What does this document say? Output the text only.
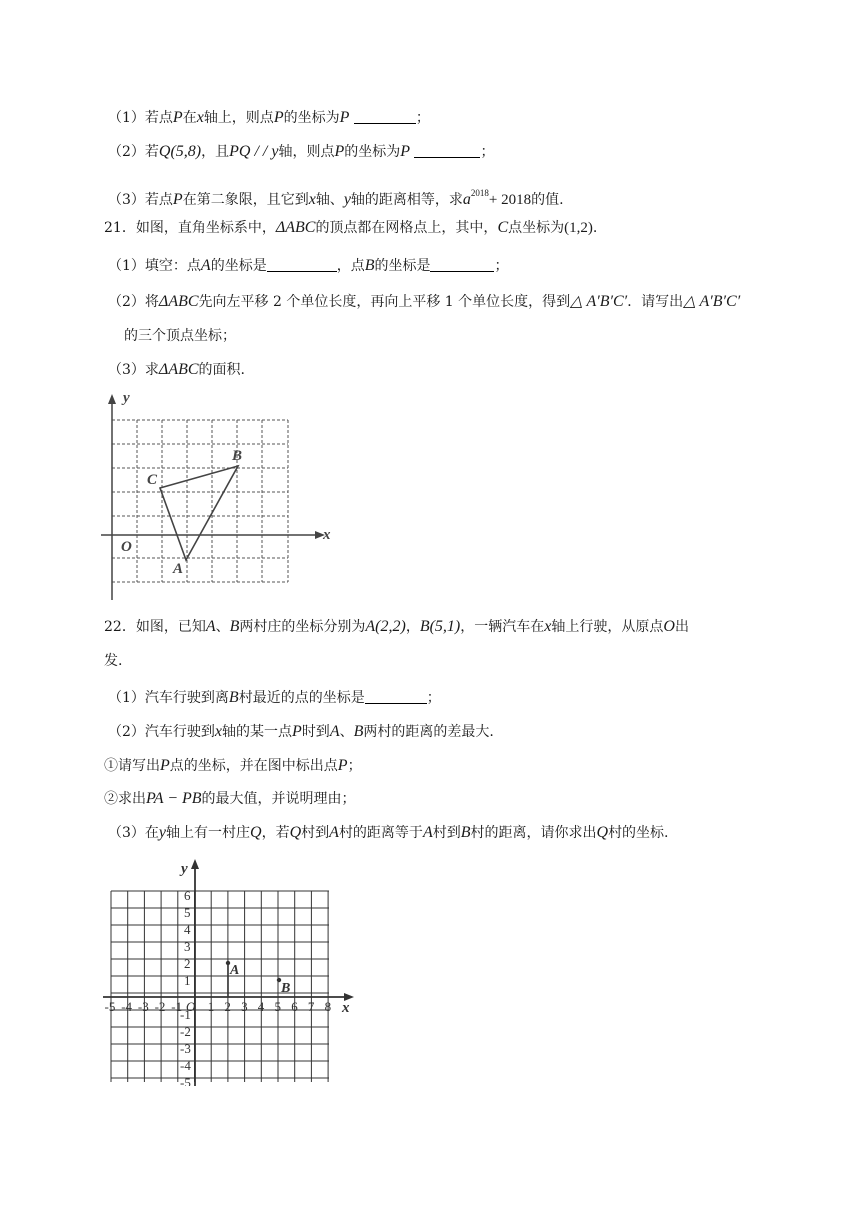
（1）若点P在x轴上，则点P的坐标为P	；
（2）若Q(5,8)，且PQ / / y轴，则点P的坐标为P	；
（3）若点P在第二象限，且它到x轴、y轴的距离相等，求$a^{2018}+ 2018$的值.
21．如图，直角坐标系中，ΔABC的顶点都在网格点上，其中，C点坐标为(1,2).
（1）填空：点A的坐标是	，点B的坐标是	；
（2）将ΔABC先向左平移 2 个单位长度，再向上平移 1 个单位长度，得到△ A′B′C′．请写出△ A′B′C′
的三个顶点坐标；
（3）求ΔABC的面积.
x
y
O
A
B
C
22．如图，已知A、B两村庄的坐标分别为A(2,2)，B(5,1)，一辆汽车在x轴上行驶，从原点O出
发.
（1）汽车行驶到离B村最近的点的坐标是	；
（2）汽车行驶到x轴的某一点P时到A、B两村的距离的差最大.
①请写出P点的坐标，并在图中标出点P；
②求出PA − PB的最大值，并说明理由；
（3）在y轴上有一村庄Q，若Q村到A村的距离等于A村到B村的距离，请你求出Q村的坐标.
-5 -4 -3 -2 -1 1 2 3 4 5 6 7 8
6
5
4
3
2
1
-1
-2
-3
-4
-5
A
B
x
y
O
